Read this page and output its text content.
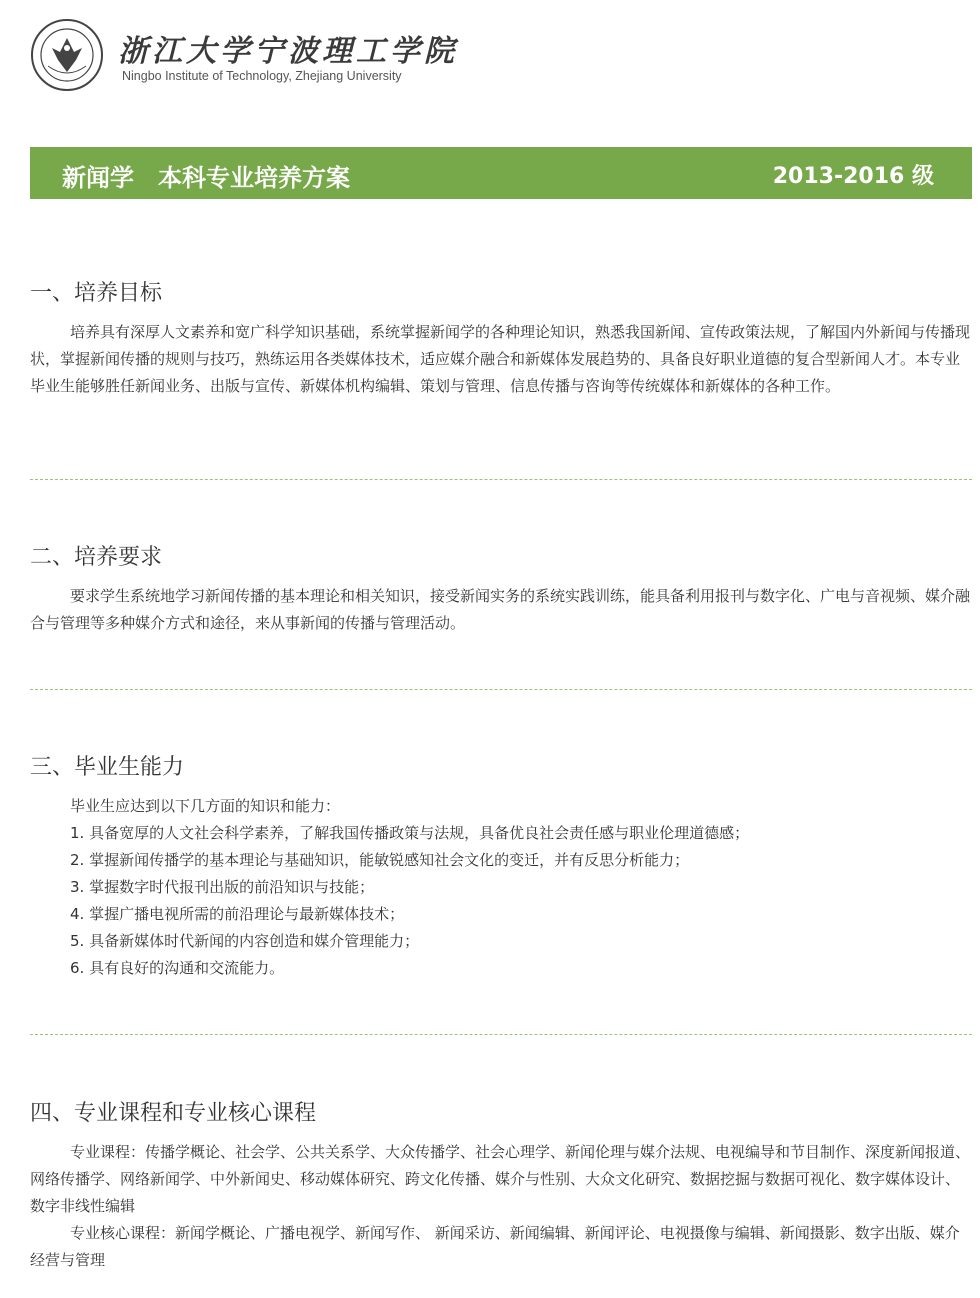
浙江大学宁波理工学院
Ningbo Institute of Technology, Zhejiang University
新闻学 本科专业培养方案	2013-2016 级
一、培养目标

培养具有深厚人文素养和宽广科学知识基础，系统掌握新闻学的各种理论知识，熟悉我国新闻、宣传政策法规，了解国内外新闻与传播现状，掌握新闻传播的规则与技巧，熟练运用各类媒体技术，适应媒介融合和新媒体发展趋势的、具备良好职业道德的复合型新闻人才。本专业毕业生能够胜任新闻业务、出版与宣传、新媒体机构编辑、策划与管理、信息传播与咨询等传统媒体和新媒体的各种工作。

二、培养要求

要求学生系统地学习新闻传播的基本理论和相关知识，接受新闻实务的系统实践训练，能具备利用报刊与数字化、广电与音视频、媒介融合与管理等多种媒介方式和途径，来从事新闻的传播与管理活动。

三、毕业生能力
毕业生应达到以下几方面的知识和能力：
1. 具备宽厚的人文社会科学素养，了解我国传播政策与法规，具备优良社会责任感与职业伦理道德感；
2. 掌握新闻传播学的基本理论与基础知识，能敏锐感知社会文化的变迁，并有反思分析能力；
3. 掌握数字时代报刊出版的前沿知识与技能；
4. 掌握广播电视所需的前沿理论与最新媒体技术；
5. 具备新媒体时代新闻的内容创造和媒介管理能力；
6. 具有良好的沟通和交流能力。
四、专业课程和专业核心课程

专业课程：传播学概论、社会学、公共关系学、大众传播学、社会心理学、新闻伦理与媒介法规、电视编导和节目制作、深度新闻报道、网络传播学、网络新闻学、中外新闻史、移动媒体研究、跨文化传播、媒介与性别、大众文化研究、数据挖掘与数据可视化、数字媒体设计、数字非线性编辑

专业核心课程：新闻学概论、广播电视学、新闻写作、 新闻采访、新闻编辑、新闻评论、电视摄像与编辑、新闻摄影、数字出版、媒介经营与管理
